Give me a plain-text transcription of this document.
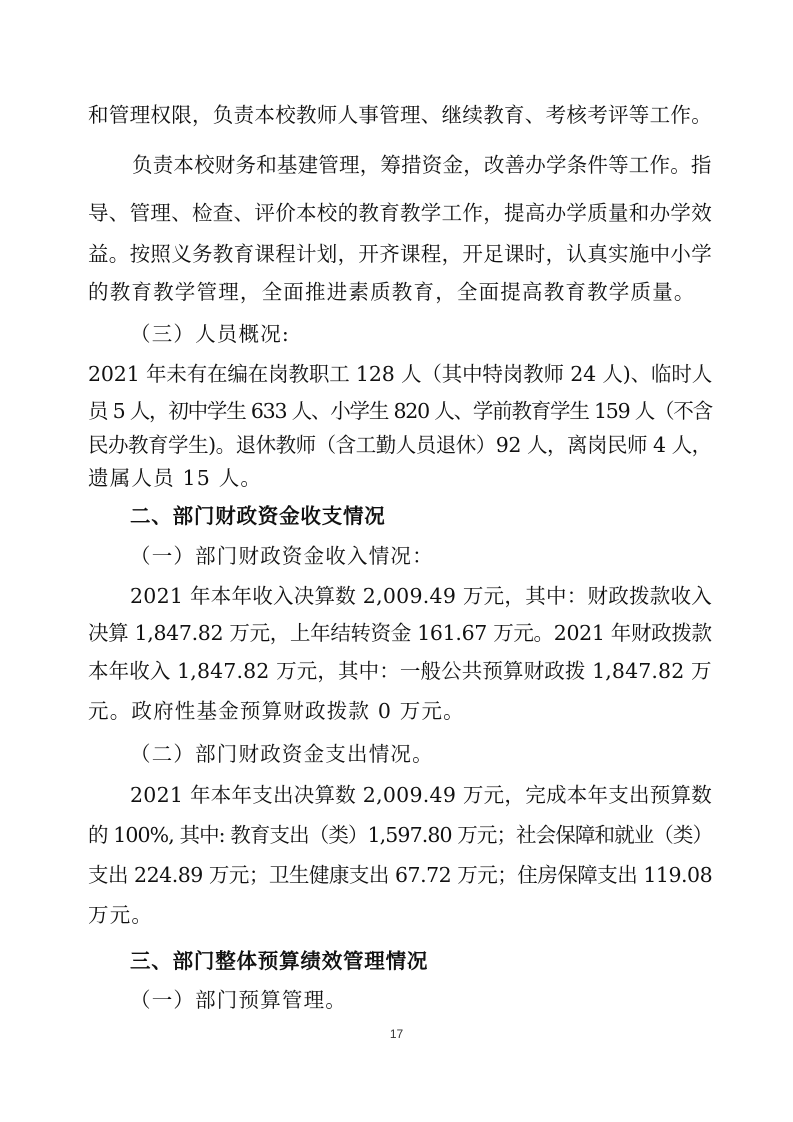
和管理权限，负责本校教师人事管理、继续教育、考核考评等工作。
负责本校财务和基建管理，筹措资金，改善办学条件等工作。指
导、管理、检查、评价本校的教育教学工作，提高办学质量和办学效
益。按照义务教育课程计划，开齐课程，开足课时，认真实施中小学
的教育教学管理，全面推进素质教育，全面提高教育教学质量。
（三）人员概况:
2021 年未有在编在岗教职工 128 人（其中特岗教师 24 人)、临时人
员 5 人，初中学生 633 人、小学生 820 人、学前教育学生 159 人（不含
民办教育学生)。退休教师（含工勤人员退休）92 人，离岗民师 4 人，
遗属人员 15 人。
二、部门财政资金收支情况
（一）部门财政资金收入情况：
2021 年本年收入决算数 2,009.49 万元，其中：财政拨款收入
决算 1,847.82 万元，上年结转资金 161.67 万元。2021 年财政拨款
本年收入 1,847.82 万元，其中：一般公共预算财政拨 1,847.82 万
元。政府性基金预算财政拨款 0 万元。
（二）部门财政资金支出情况。
2021 年本年支出决算数 2,009.49 万元，完成本年支出预算数
的 100%, 其中: 教育支出（类）1,597.80 万元；社会保障和就业（类）
支出 224.89 万元；卫生健康支出 67.72 万元；住房保障支出 119.08
万元。
三、部门整体预算绩效管理情况
（一）部门预算管理。
17
